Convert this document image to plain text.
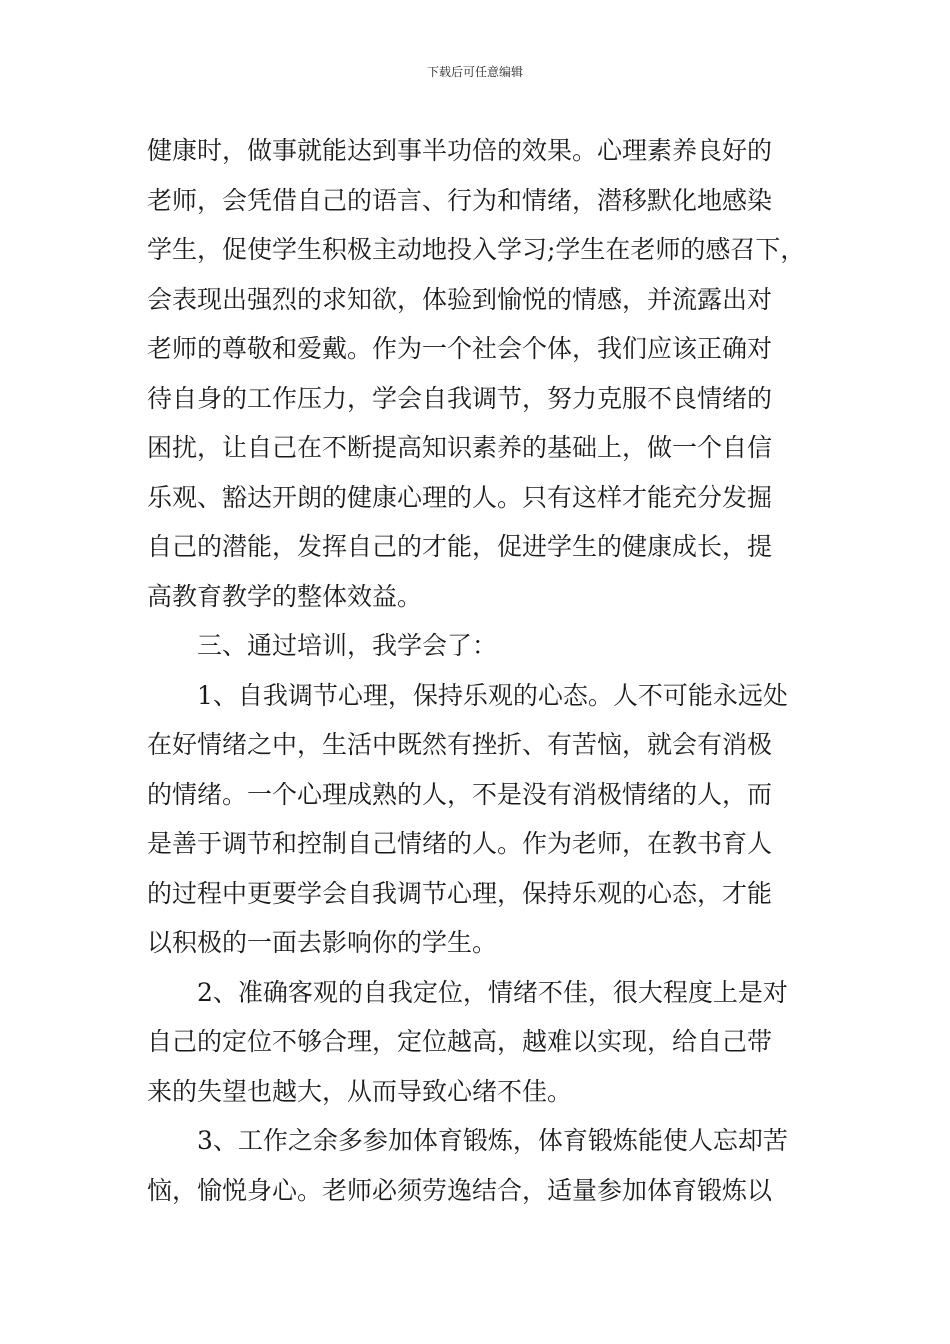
下载后可任意编辑
健康时，做事就能达到事半功倍的效果。心理素养良好的
老师，会凭借自己的语言、行为和情绪，潜移默化地感染
学生，促使学生积极主动地投入学习;学生在老师的感召下，
会表现出强烈的求知欲，体验到愉悦的情感，并流露出对
老师的尊敬和爱戴。作为一个社会个体，我们应该正确对
待自身的工作压力，学会自我调节，努力克服不良情绪的
困扰，让自己在不断提高知识素养的基础上，做一个自信
乐观、豁达开朗的健康心理的人。只有这样才能充分发掘
自己的潜能，发挥自己的才能，促进学生的健康成长，提
高教育教学的整体效益。
三、通过培训，我学会了：
1、自我调节心理，保持乐观的心态。人不可能永远处
在好情绪之中，生活中既然有挫折、有苦恼，就会有消极
的情绪。一个心理成熟的人，不是没有消极情绪的人，而
是善于调节和控制自己情绪的人。作为老师，在教书育人
的过程中更要学会自我调节心理，保持乐观的心态，才能
以积极的一面去影响你的学生。
2、准确客观的自我定位，情绪不佳，很大程度上是对
自己的定位不够合理，定位越高，越难以实现，给自己带
来的失望也越大，从而导致心绪不佳。
3、工作之余多参加体育锻炼，体育锻炼能使人忘却苦
恼，愉悦身心。老师必须劳逸结合，适量参加体育锻炼以
